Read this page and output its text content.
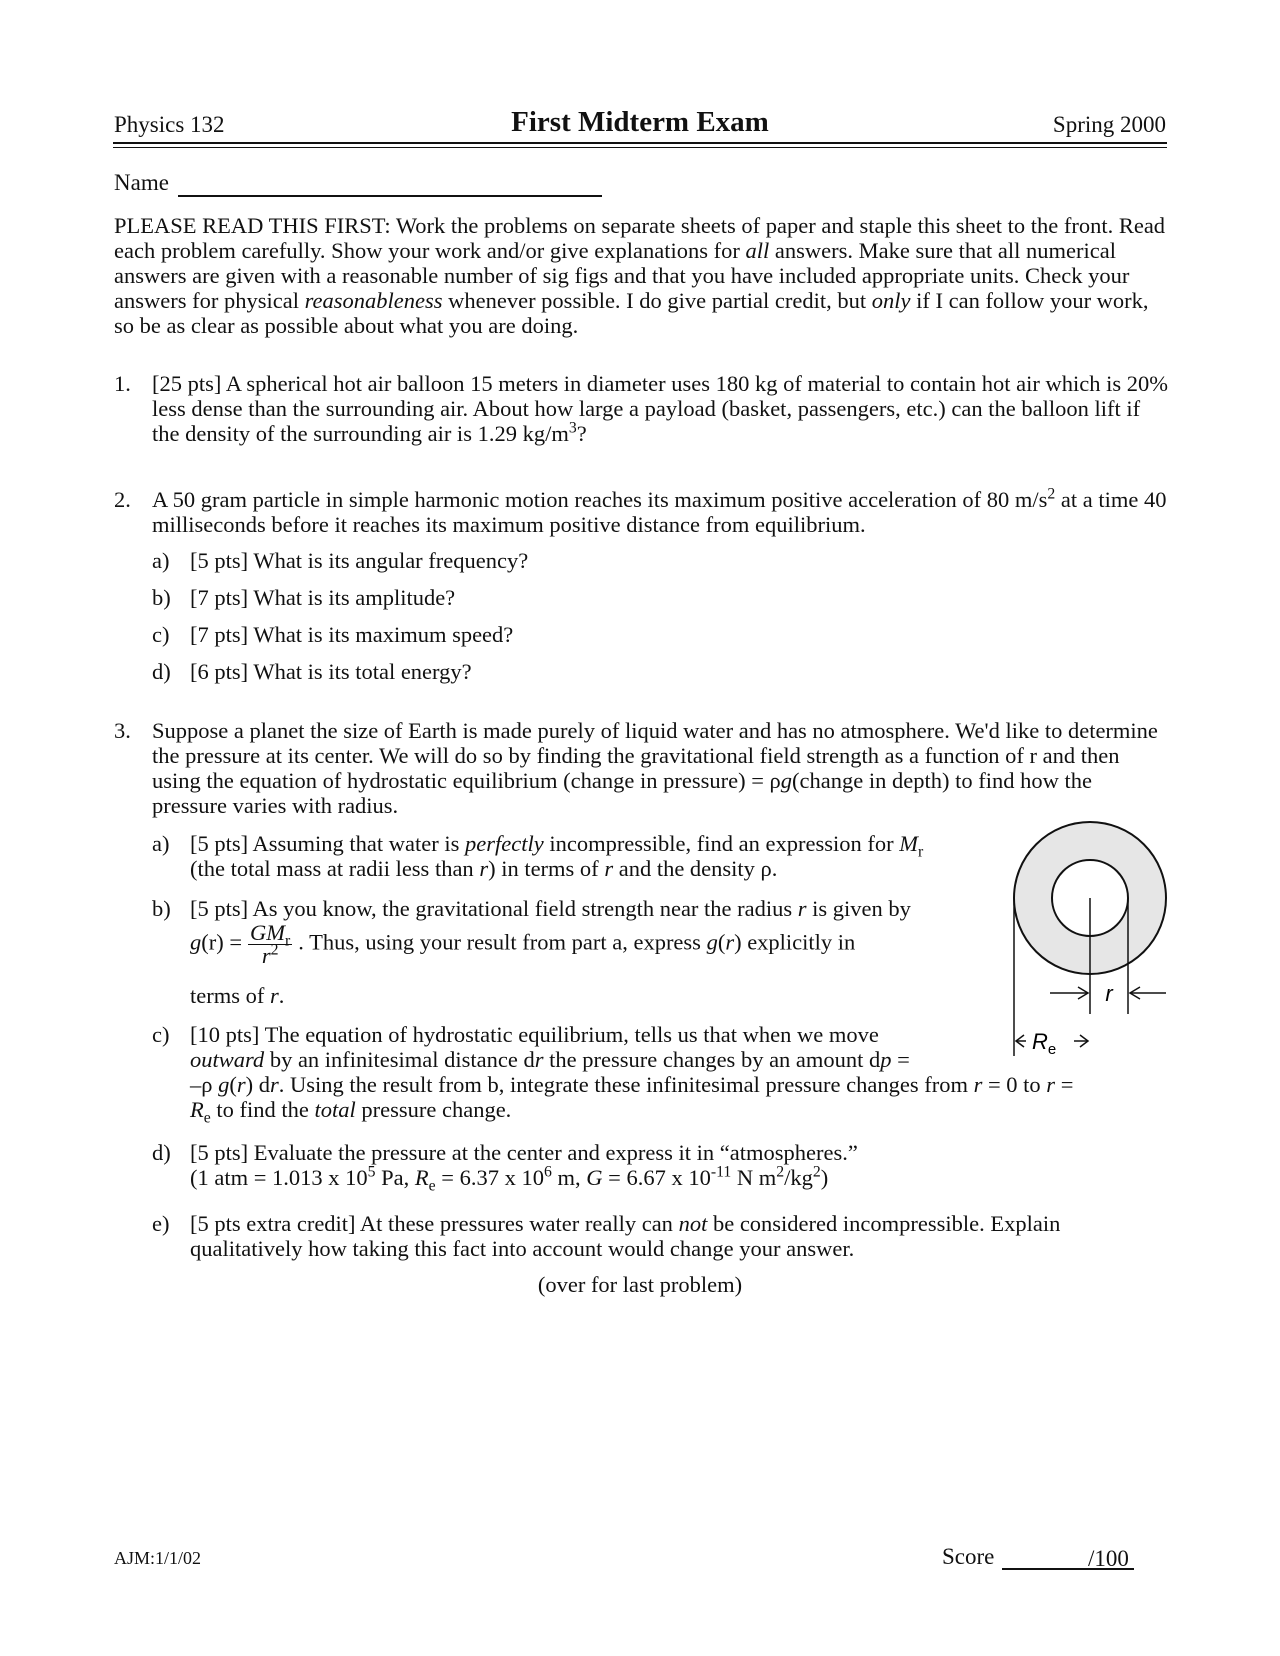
Physics 132	First Midterm Exam	Spring 2000
Name
PLEASE READ THIS FIRST: Work the problems on separate sheets of paper and staple this sheet to the front. Read each problem carefully. Show your work and/or give explanations for all answers. Make sure that all numerical answers are given with a reasonable number of sig figs and that you have included appropriate units. Check your answers for physical reasonableness whenever possible. I do give partial credit, but only if I can follow your work, so be as clear as possible about what you are doing.
1. [25 pts] A spherical hot air balloon 15 meters in diameter uses 180 kg of material to contain hot air which is 20% less dense than the surrounding air. About how large a payload (basket, passengers, etc.) can the balloon lift if the density of the surrounding air is 1.29 $kg/m^3$?
2. A 50 gram particle in simple harmonic motion reaches its maximum positive acceleration of 80 $m/s^2$ at a time 40 milliseconds before it reaches its maximum positive distance from equilibrium.
a) [5 pts] What is its angular frequency?
b) [7 pts] What is its amplitude?
c) [7 pts] What is its maximum speed?
d) [6 pts] What is its total energy?
3. Suppose a planet the size of Earth is made purely of liquid water and has no atmosphere. We'd like to determine the pressure at its center. We will do so by finding the gravitational field strength as a function of r and then using the equation of hydrostatic equilibrium (change in pressure) = ρg(change in depth) to find how the pressure varies with radius.
a) [5 pts] Assuming that water is perfectly incompressible, find an expression for $M_r$
(the total mass at radii less than r) in terms of r and the density ρ.
b) [5 pts] As you know, the gravitational field strength near the radius r is given by
$g(r) = \frac{GM_r}{r^2}$ . Thus, using your result from part a, express g(r) explicitly in
terms of r.
c) [10 pts] The equation of hydrostatic equilibrium, tells us that when we move
outward by an infinitesimal distance dr the pressure changes by an amount dp =
–ρ g(r) dr. Using the result from b, integrate these infinitesimal pressure changes from r = 0 to r =
$R_e$ to find the total pressure change.
d) [5 pts] Evaluate the pressure at the center and express it in “atmospheres.”
(1 atm = 1.013 x $10^5$ Pa, $R_e = 6.37$ x $10^6$ m, G = 6.67 x $10^{-11}$ N $m^2/kg^2$)
e) [5 pts extra credit] At these pressures water really can not be considered incompressible. Explain qualitatively how taking this fact into account would change your answer.
(over for last problem)
r
$R_e$
AJM:1/1/02	Score	/100
